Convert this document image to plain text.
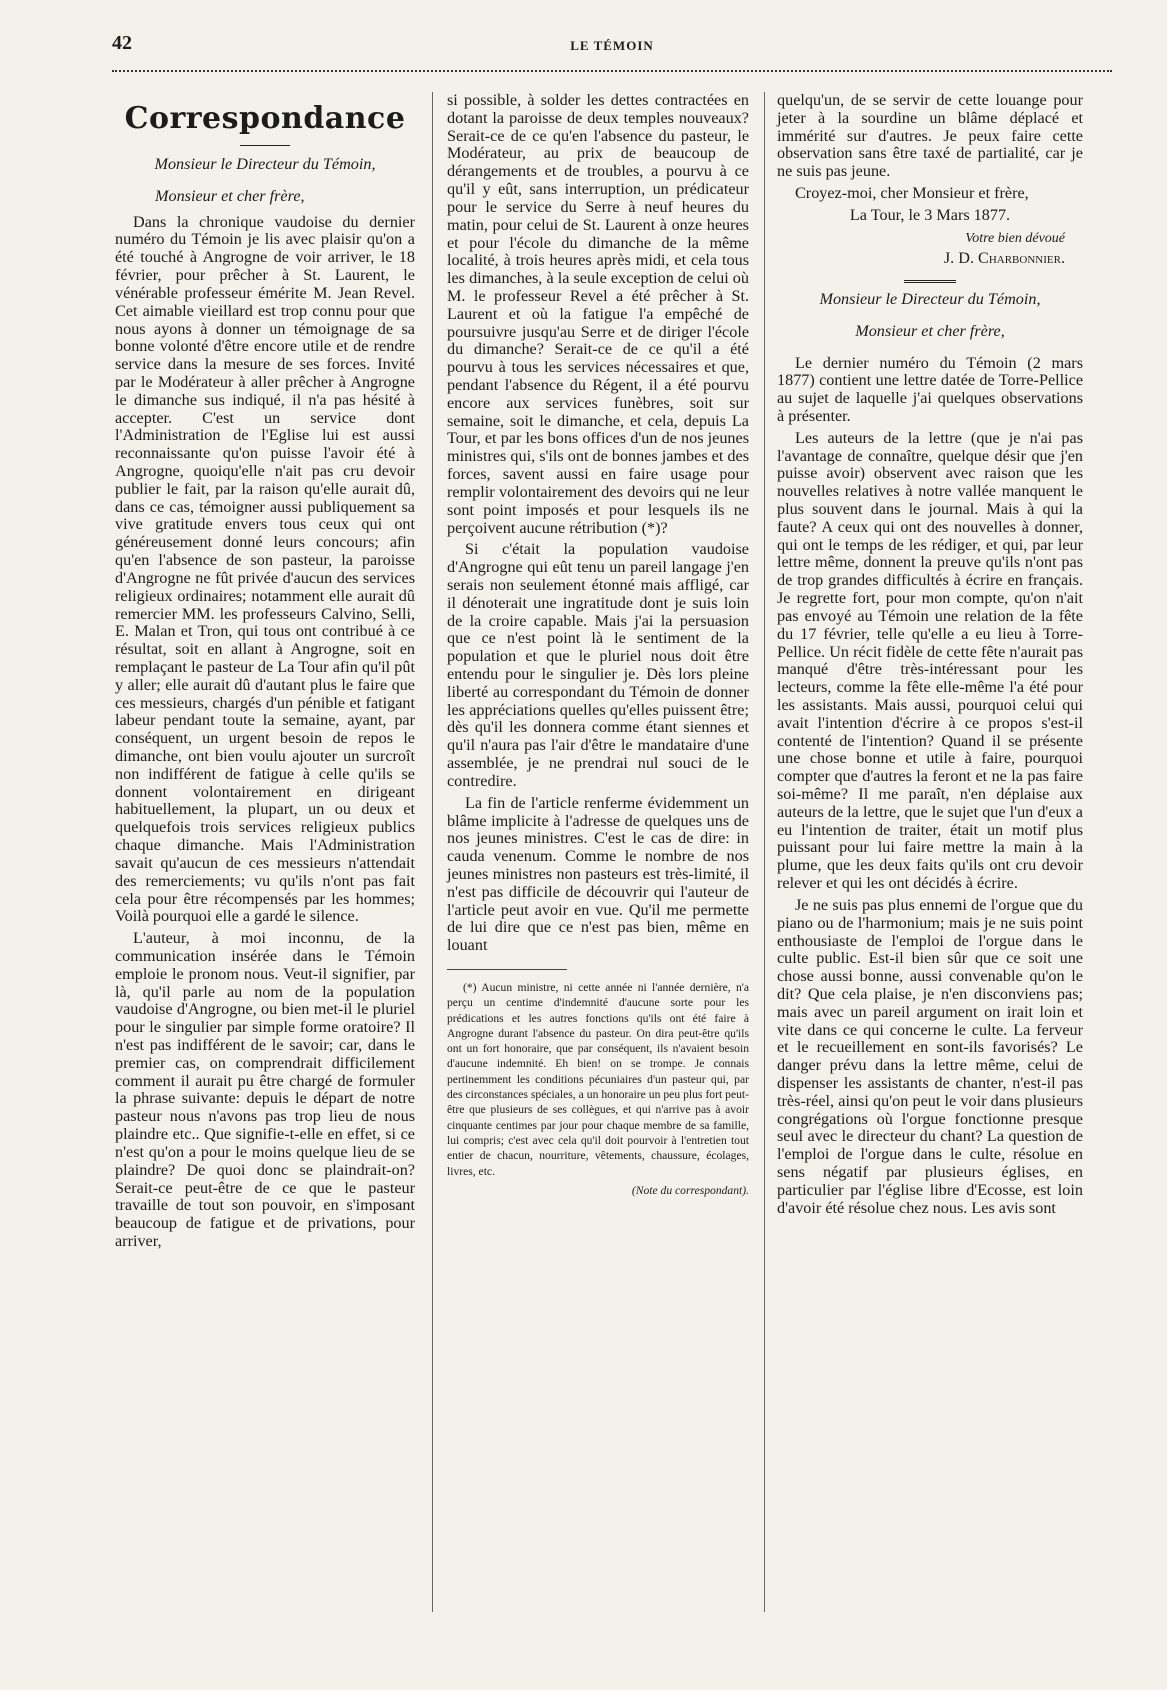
42	LE TÉMOIN
Correspondance

Monsieur le Directeur du Témoin,

Monsieur et cher frère,

Dans la chronique vaudoise du dernier numéro du Témoin je lis avec plaisir qu'on a été touché à Angrogne de voir arriver, le 18 février, pour prêcher à St. Laurent, le vénérable professeur émérite M. Jean Revel. Cet aimable vieillard est trop connu pour que nous ayons à donner un témoignage de sa bonne volonté d'être encore utile et de rendre service dans la mesure de ses forces. Invité par le Modérateur à aller prêcher à Angrogne le dimanche sus indiqué, il n'a pas hésité à accepter. C'est un service dont l'Administration de l'Eglise lui est aussi reconnaissante qu'on puisse l'avoir été à Angrogne, quoiqu'elle n'ait pas cru devoir publier le fait, par la raison qu'elle aurait dû, dans ce cas, témoigner aussi publiquement sa vive gratitude envers tous ceux qui ont généreusement donné leurs concours; afin qu'en l'absence de son pasteur, la paroisse d'Angrogne ne fût privée d'aucun des services religieux ordinaires; notamment elle aurait dû remercier MM. les professeurs Calvino, Selli, E. Malan et Tron, qui tous ont contribué à ce résultat, soit en allant à Angrogne, soit en remplaçant le pasteur de La Tour afin qu'il pût y aller; elle aurait dû d'autant plus le faire que ces messieurs, chargés d'un pénible et fatigant labeur pendant toute la semaine, ayant, par conséquent, un urgent besoin de repos le dimanche, ont bien voulu ajouter un surcroît non indifférent de fatigue à celle qu'ils se donnent volontairement en dirigeant habituellement, la plupart, un ou deux et quelquefois trois services religieux publics chaque dimanche. Mais l'Administration savait qu'aucun de ces messieurs n'attendait des remerciements; vu qu'ils n'ont pas fait cela pour être récompensés par les hommes; Voilà pourquoi elle a gardé le silence.

L'auteur, à moi inconnu, de la communication insérée dans le Témoin emploie le pronom nous. Veut-il signifier, par là, qu'il parle au nom de la population vaudoise d'Angrogne, ou bien met-il le pluriel pour le singulier par simple forme oratoire? Il n'est pas indifférent de le savoir; car, dans le premier cas, on comprendrait difficilement comment il aurait pu être chargé de formuler la phrase suivante: depuis le départ de notre pasteur nous n'avons pas trop lieu de nous plaindre etc.. Que signifie-t-elle en effet, si ce n'est qu'on a pour le moins quelque lieu de se plaindre? De quoi donc se plaindrait-on? Serait-ce peut-être de ce que le pasteur travaille de tout son pouvoir, en s'imposant beaucoup de fatigue et de privations, pour arriver,

si possible, à solder les dettes contractées en dotant la paroisse de deux temples nouveaux? Serait-ce de ce qu'en l'absence du pasteur, le Modérateur, au prix de beaucoup de dérangements et de troubles, a pourvu à ce qu'il y eût, sans interruption, un prédicateur pour le service du Serre à neuf heures du matin, pour celui de St. Laurent à onze heures et pour l'école du dimanche de la même localité, à trois heures après midi, et cela tous les dimanches, à la seule exception de celui où M. le professeur Revel a été prêcher à St. Laurent et où la fatigue l'a empêché de poursuivre jusqu'au Serre et de diriger l'école du dimanche? Serait-ce de ce qu'il a été pourvu à tous les services nécessaires et que, pendant l'absence du Régent, il a été pourvu encore aux services funèbres, soit sur semaine, soit le dimanche, et cela, depuis La Tour, et par les bons offices d'un de nos jeunes ministres qui, s'ils ont de bonnes jambes et des forces, savent aussi en faire usage pour remplir volontairement des devoirs qui ne leur sont point imposés et pour lesquels ils ne perçoivent aucune rétribution (*)?

Si c'était la population vaudoise d'Angrogne qui eût tenu un pareil langage j'en serais non seulement étonné mais affligé, car il dénoterait une ingratitude dont je suis loin de la croire capable. Mais j'ai la persuasion que ce n'est point là le sentiment de la population et que le pluriel nous doit être entendu pour le singulier je. Dès lors pleine liberté au correspondant du Témoin de donner les appréciations quelles qu'elles puissent être; dès qu'il les donnera comme étant siennes et qu'il n'aura pas l'air d'être le mandataire d'une assemblée, je ne prendrai nul souci de le contredire.

La fin de l'article renferme évidemment un blâme implicite à l'adresse de quelques uns de nos jeunes ministres. C'est le cas de dire: in cauda venenum. Comme le nombre de nos jeunes ministres non pasteurs est très-limité, il n'est pas difficile de découvrir qui l'auteur de l'article peut avoir en vue. Qu'il me permette de lui dire que ce n'est pas bien, même en louant

(*) Aucun ministre, ni cette année ni l'année dernière, n'a perçu un centime d'indemnité d'aucune sorte pour les prédications et les autres fonctions qu'ils ont été faire à Angrogne durant l'absence du pasteur. On dira peut-être qu'ils ont un fort honoraire, que par conséquent, ils n'avaient besoin d'aucune indemnité. Eh bien! on se trompe. Je connais pertinemment les conditions pécuniaires d'un pasteur qui, par des circonstances spéciales, a un honoraire un peu plus fort peut-être que plusieurs de ses collègues, et qui n'arrive pas à avoir cinquante centimes par jour pour chaque membre de sa famille, lui compris; c'est avec cela qu'il doit pourvoir à l'entretien tout entier de chacun, nourriture, vêtements, chaussure, écolages, livres, etc.

(Note du correspondant).

quelqu'un, de se servir de cette louange pour jeter à la sourdine un blâme déplacé et immérité sur d'autres. Je peux faire cette observation sans être taxé de partialité, car je ne suis pas jeune.

Croyez-moi, cher Monsieur et frère,

La Tour, le 3 Mars 1877.

Votre bien dévoué

J. D. Charbonnier.

Monsieur le Directeur du Témoin,

Monsieur et cher frère,

Le dernier numéro du Témoin (2 mars 1877) contient une lettre datée de Torre-Pellice au sujet de laquelle j'ai quelques observations à présenter.

Les auteurs de la lettre (que je n'ai pas l'avantage de connaître, quelque désir que j'en puisse avoir) observent avec raison que les nouvelles relatives à notre vallée manquent le plus souvent dans le journal. Mais à qui la faute? A ceux qui ont des nouvelles à donner, qui ont le temps de les rédiger, et qui, par leur lettre même, donnent la preuve qu'ils n'ont pas de trop grandes difficultés à écrire en français. Je regrette fort, pour mon compte, qu'on n'ait pas envoyé au Témoin une relation de la fête du 17 février, telle qu'elle a eu lieu à Torre-Pellice. Un récit fidèle de cette fête n'aurait pas manqué d'être très-intéressant pour les lecteurs, comme la fête elle-même l'a été pour les assistants. Mais aussi, pourquoi celui qui avait l'intention d'écrire à ce propos s'est-il contenté de l'intention? Quand il se présente une chose bonne et utile à faire, pourquoi compter que d'autres la feront et ne la pas faire soi-même? Il me paraît, n'en déplaise aux auteurs de la lettre, que le sujet que l'un d'eux a eu l'intention de traiter, était un motif plus puissant pour lui faire mettre la main à la plume, que les deux faits qu'ils ont cru devoir relever et qui les ont décidés à écrire.

Je ne suis pas plus ennemi de l'orgue que du piano ou de l'harmonium; mais je ne suis point enthousiaste de l'emploi de l'orgue dans le culte public. Est-il bien sûr que ce soit une chose aussi bonne, aussi convenable qu'on le dit? Que cela plaise, je n'en disconviens pas; mais avec un pareil argument on irait loin et vite dans ce qui concerne le culte. La ferveur et le recueillement en sont-ils favorisés? Le danger prévu dans la lettre même, celui de dispenser les assistants de chanter, n'est-il pas très-réel, ainsi qu'on peut le voir dans plusieurs congrégations où l'orgue fonctionne presque seul avec le directeur du chant? La question de l'emploi de l'orgue dans le culte, résolue en sens négatif par plusieurs églises, en particulier par l'église libre d'Ecosse, est loin d'avoir été résolue chez nous. Les avis sont
